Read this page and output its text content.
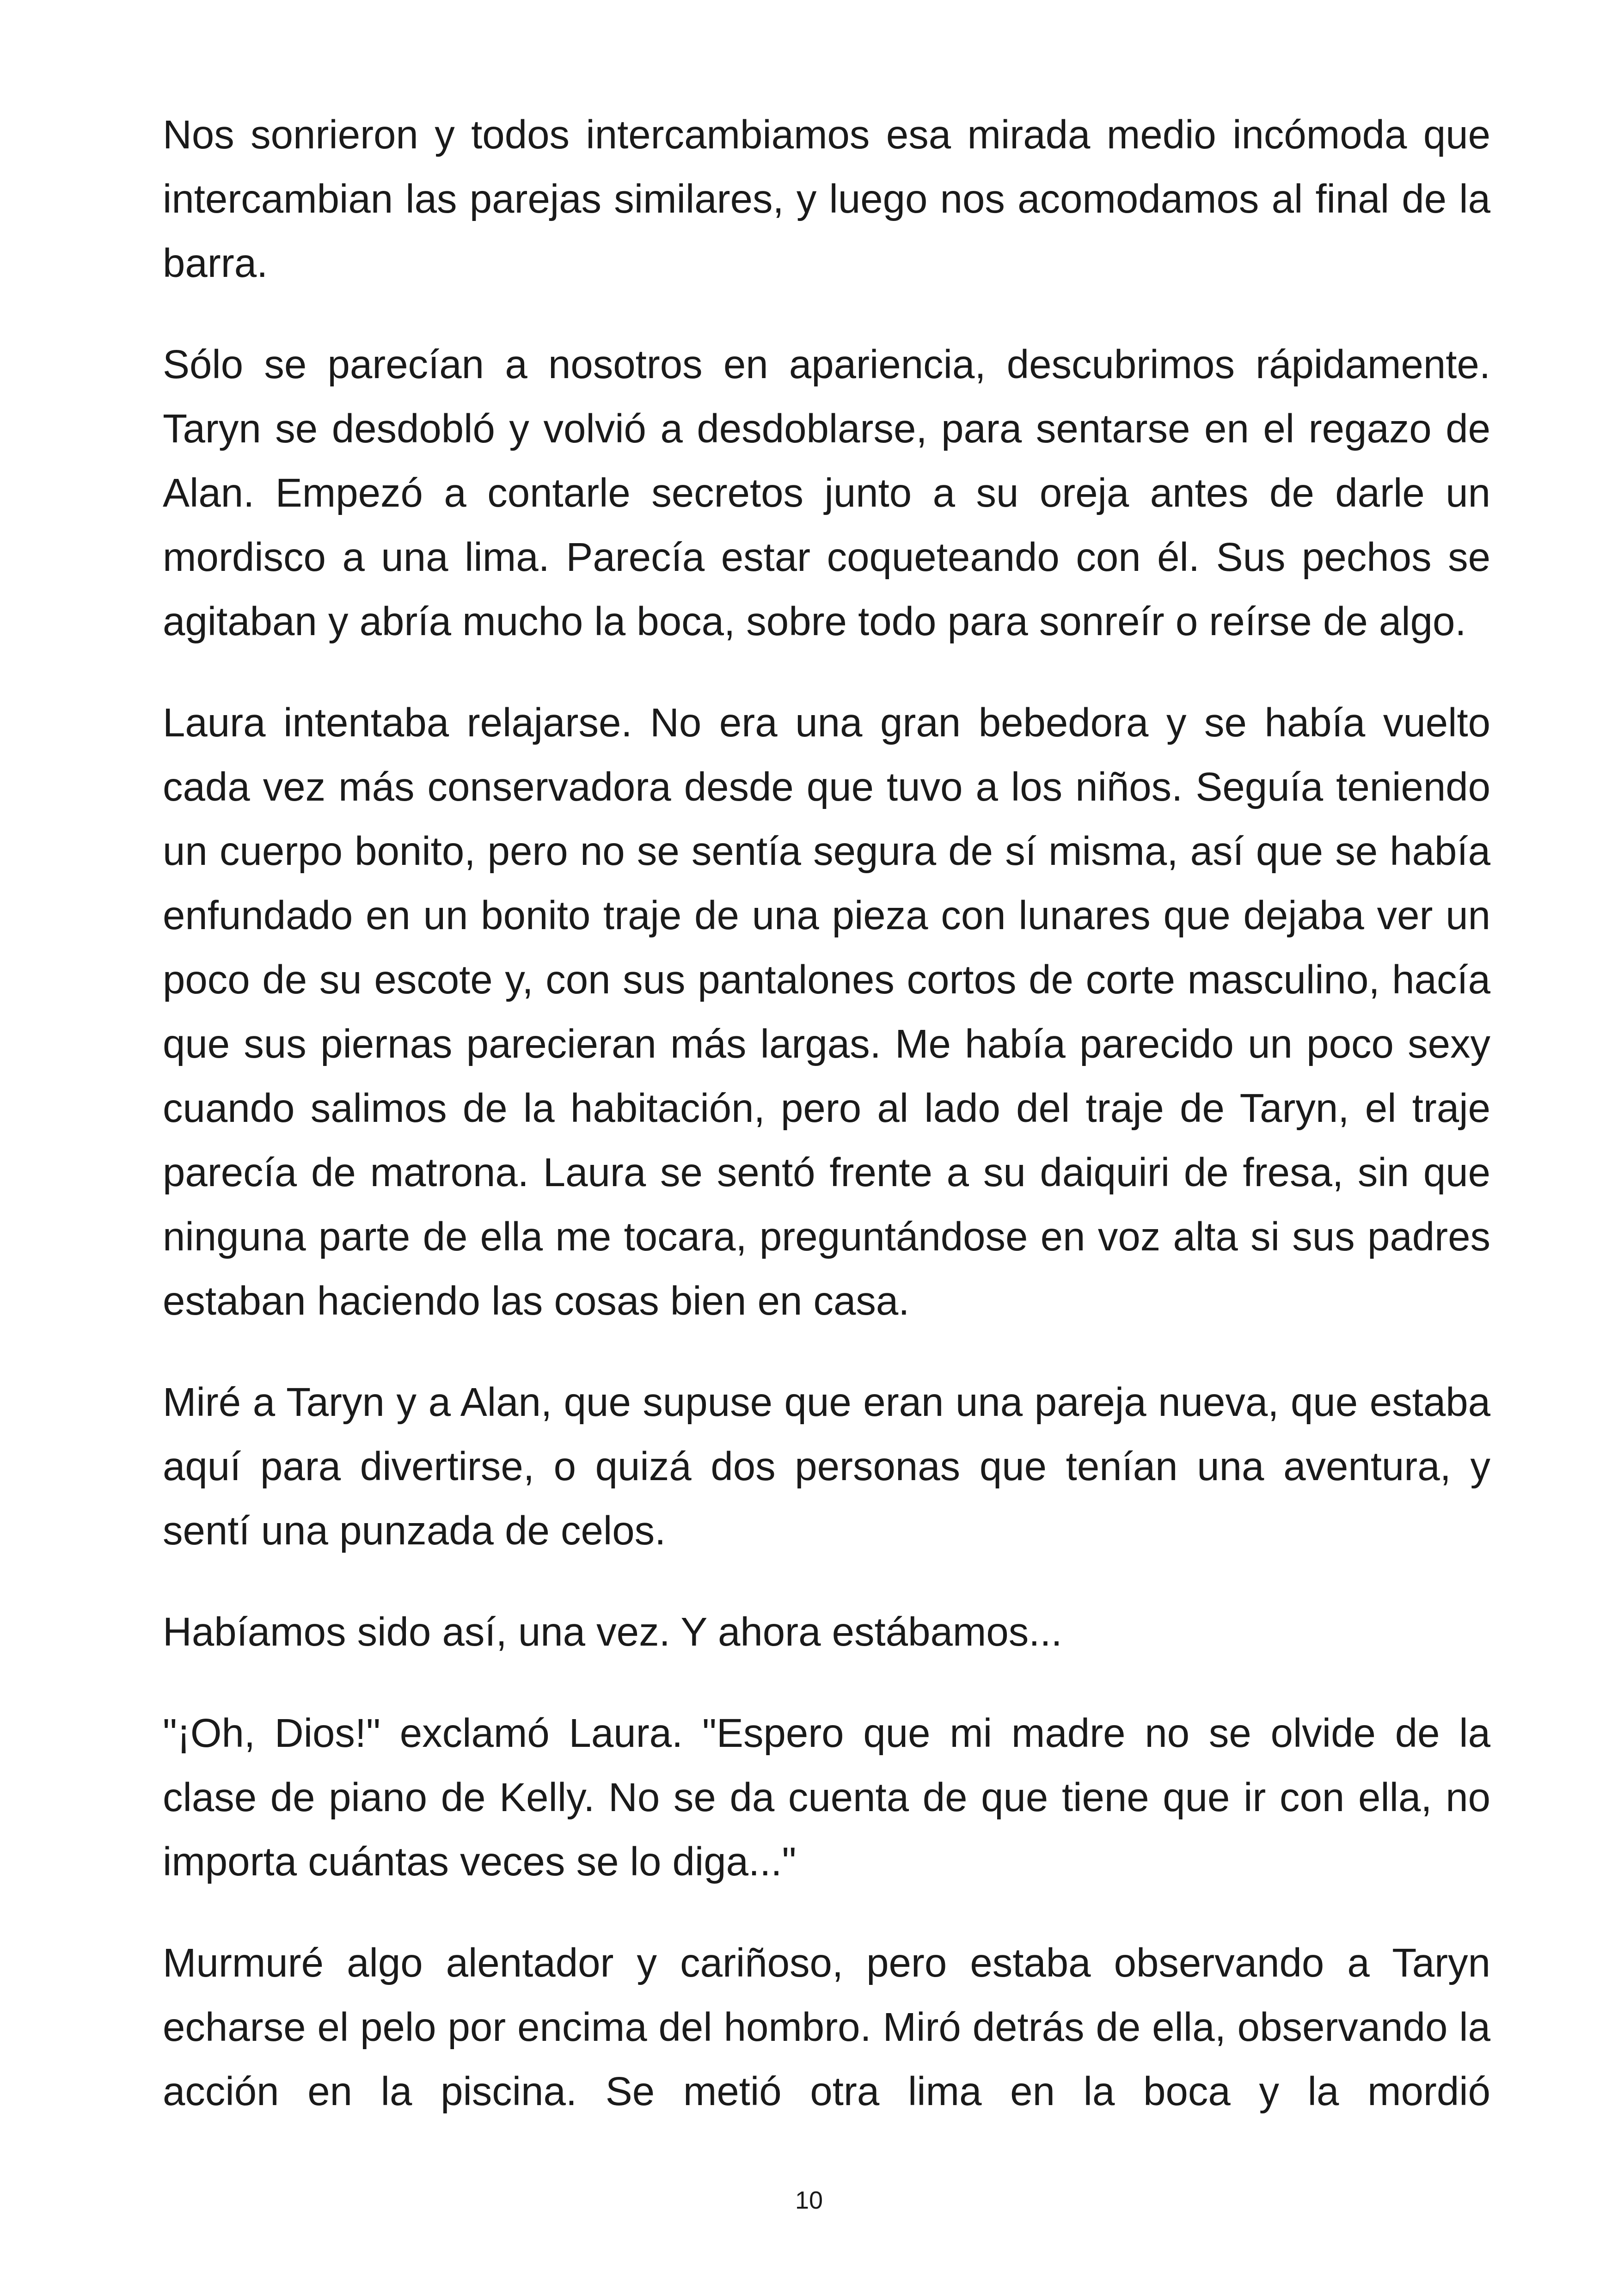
Nos sonrieron y todos intercambiamos esa mirada medio incómoda que intercambian las parejas similares, y luego nos acomodamos al final de la barra.

Sólo se parecían a nosotros en apariencia, descubrimos rápidamente. Taryn se desdobló y volvió a desdoblarse, para sentarse en el regazo de Alan. Empezó a contarle secretos junto a su oreja antes de darle un mordisco a una lima. Parecía estar coqueteando con él. Sus pechos se agitaban y abría mucho la boca, sobre todo para sonreír o reírse de algo.

Laura intentaba relajarse. No era una gran bebedora y se había vuelto cada vez más conservadora desde que tuvo a los niños. Seguía teniendo un cuerpo bonito, pero no se sentía segura de sí misma, así que se había enfundado en un bonito traje de una pieza con lunares que dejaba ver un poco de su escote y, con sus pantalones cortos de corte masculino, hacía que sus piernas parecieran más largas. Me había parecido un poco sexy cuando salimos de la habitación, pero al lado del traje de Taryn, el traje parecía de matrona. Laura se sentó frente a su daiquiri de fresa, sin que ninguna parte de ella me tocara, preguntándose en voz alta si sus padres estaban haciendo las cosas bien en casa.

Miré a Taryn y a Alan, que supuse que eran una pareja nueva, que estaba aquí para divertirse, o quizá dos personas que tenían una aventura, y sentí una punzada de celos.

Habíamos sido así, una vez. Y ahora estábamos...

"¡Oh, Dios!" exclamó Laura. "Espero que mi madre no se olvide de la clase de piano de Kelly. No se da cuenta de que tiene que ir con ella, no importa cuántas veces se lo diga..."

Murmuré algo alentador y cariñoso, pero estaba observando a Taryn echarse el pelo por encima del hombro. Miró detrás de ella, observando la acción en la piscina. Se metió otra lima en la boca y la mordió

10
